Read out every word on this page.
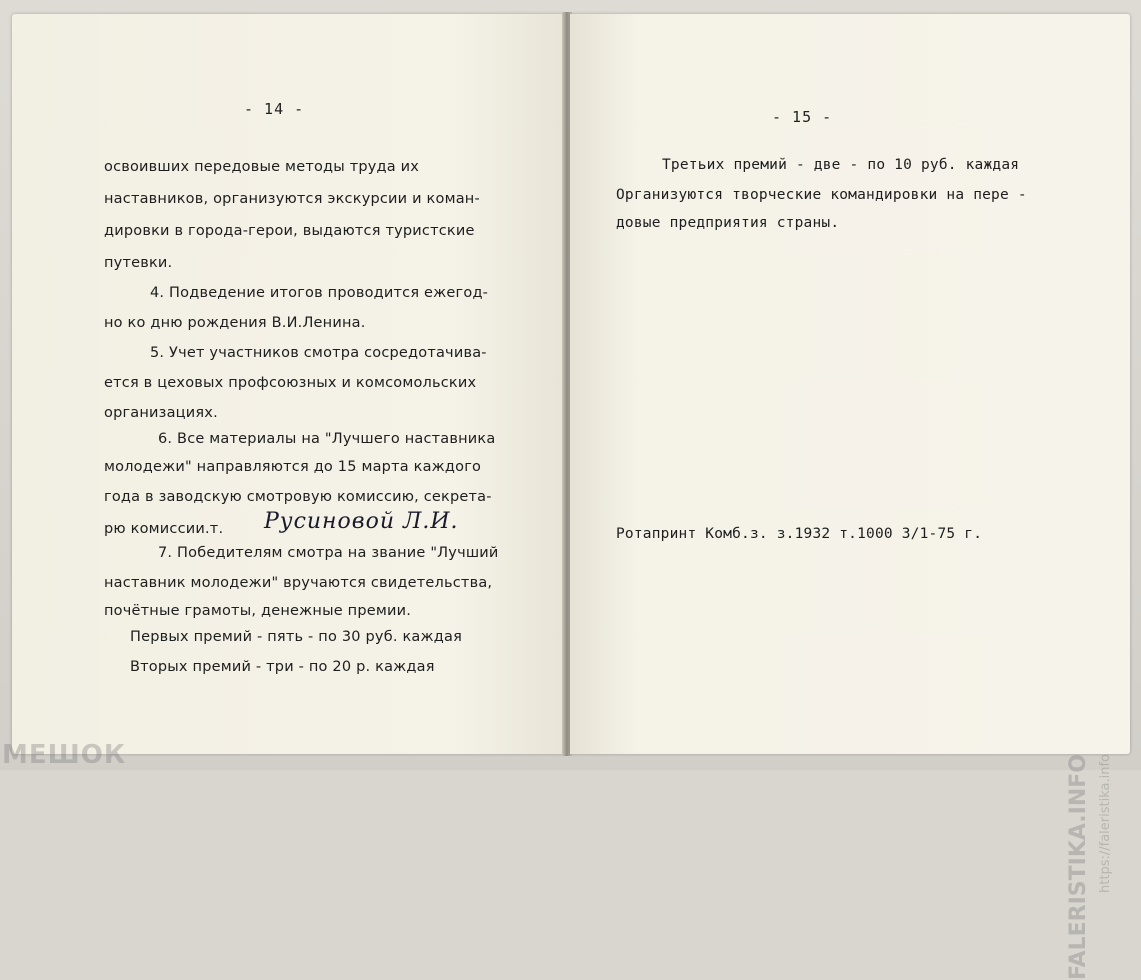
- 14 -
освоивших передовые методы труда их
наставников, организуются экскурсии и коман-
дировки в города-герои, выдаются туристские
путевки.
4. Подведение итогов проводится ежегод-
но ко дню рождения В.И.Ленина.
5. Учет участников смотра сосредотачива-
ется в цеховых профсоюзных и комсомольских
организациях.
6. Все материалы на "Лучшего наставника
молодежи" направляются до 15 марта каждого
года в заводскую смотровую комиссию, секрета-
рю комиссии.т. Русиновой Л.И.
7. Победителям смотра на звание "Лучший
наставник молодежи" вручаются свидетельства,
почётные грамоты, денежные премии.
Первых премий - пять - по 30 руб. каждая
Вторых премий - три - по 20 р. каждая
- 15 -
Третьих премий - две - по 10 руб. каждая
Организуются творческие командировки на пере -
довые предприятия страны.
Ротапринт Комб.з. з.1932 т.1000 3/1-75 г.
МЕШОК	FALERISTIKA.INFO https://faleristika.info
